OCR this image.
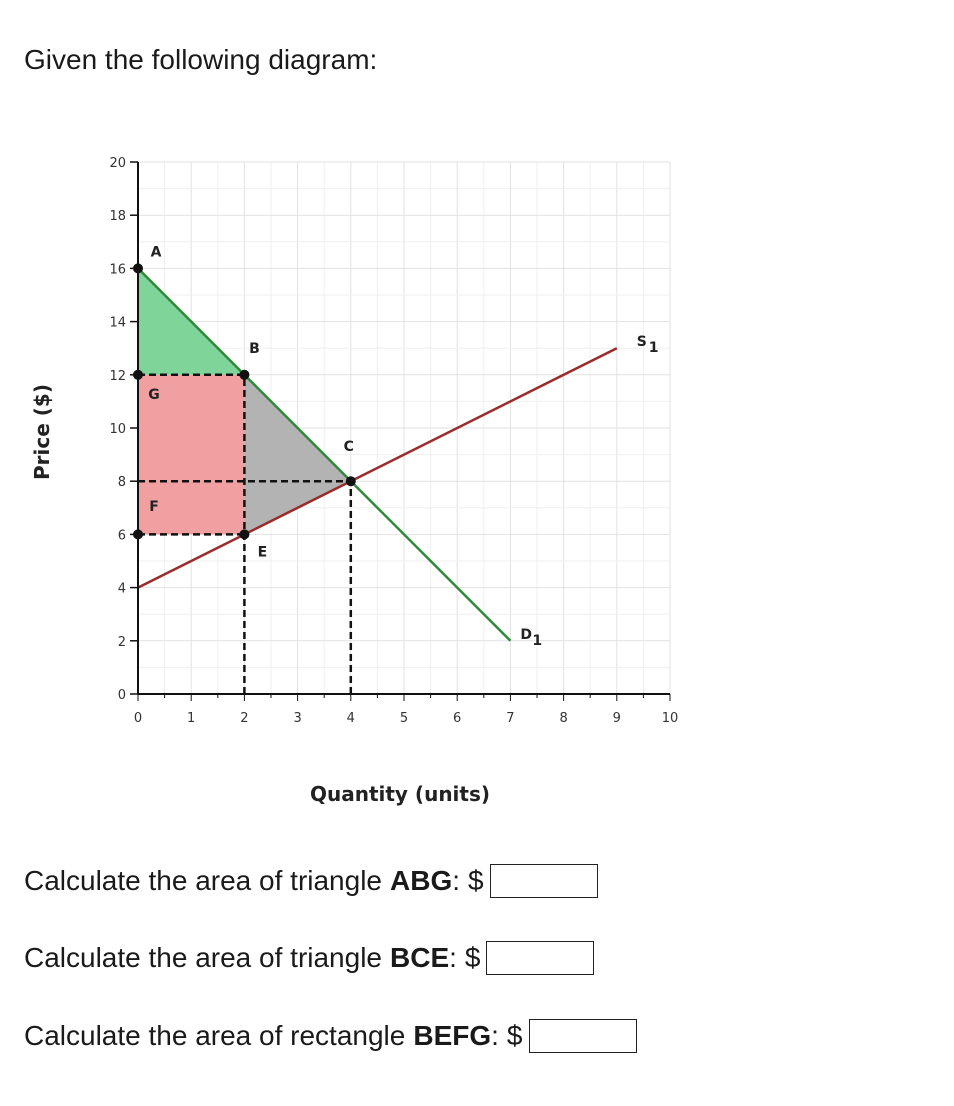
Given the following diagram:
0	1	2	3	4	5	6	7	8	9	10
0
2
4
6
8
10
12
14
16
18
20
D 1
S 1
A
B
C
E
F
G
Quantity (units)
Price ($)
Calculate the area of triangle ABG : $
Calculate the area of triangle BCE : $
Calculate the area of rectangle BEFG : $
